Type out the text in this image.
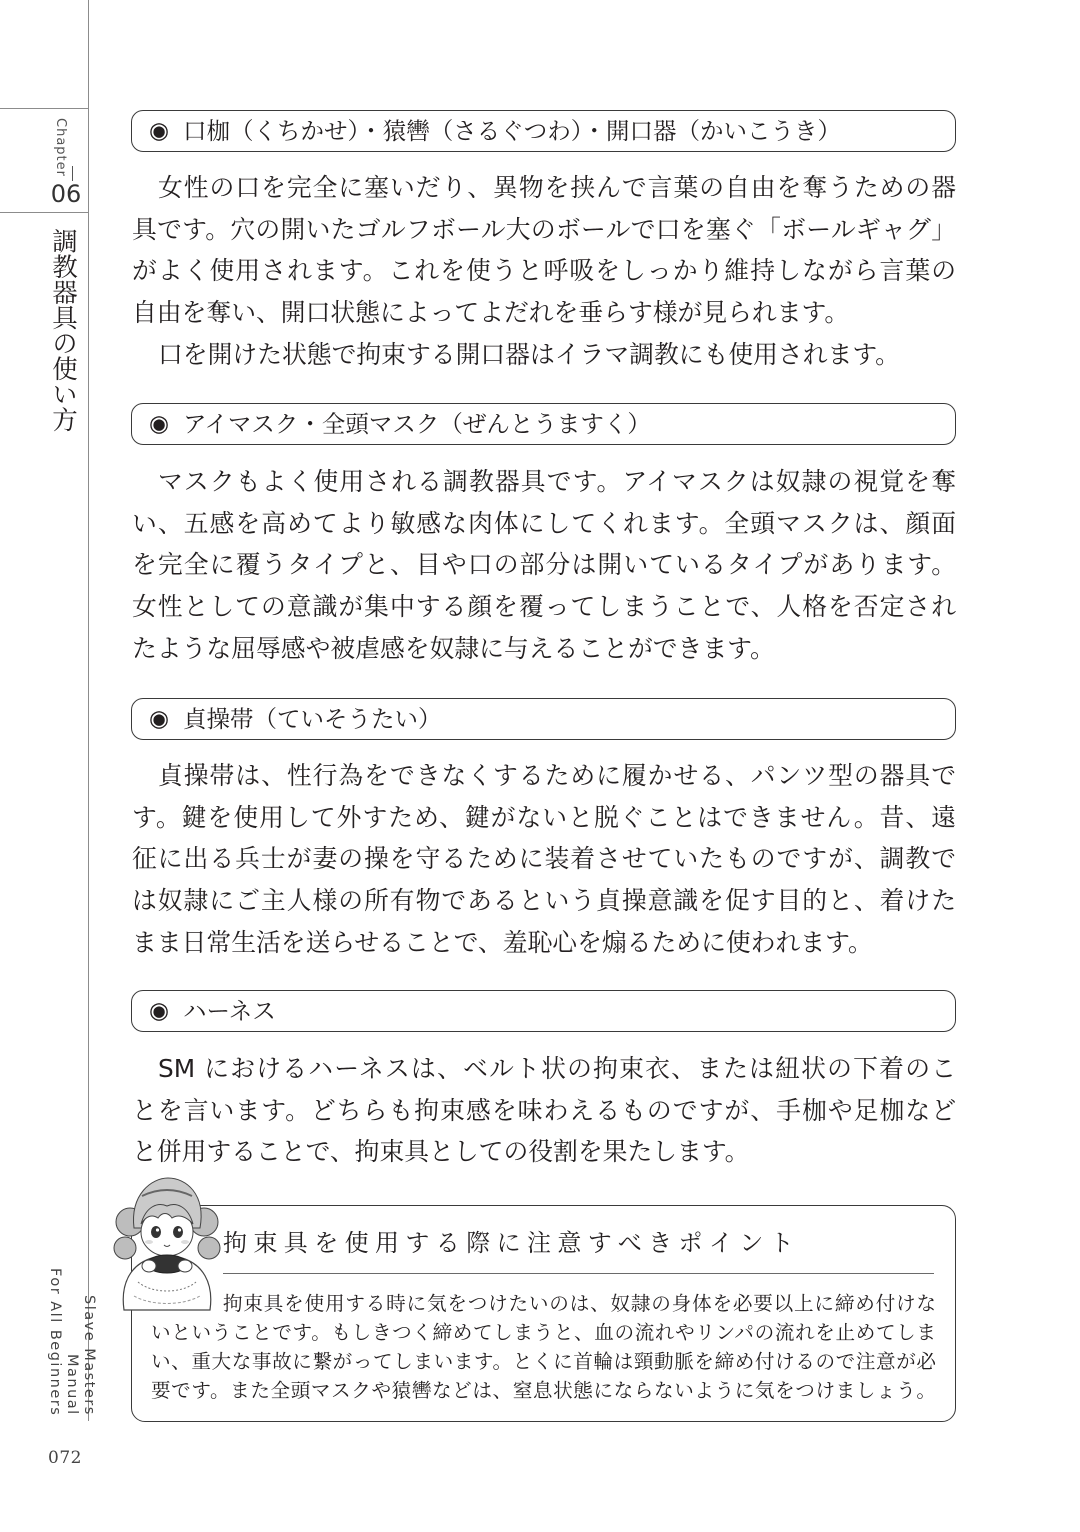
Chapter
06
調教器具の使い方
Slave Masters Manual
For All Beginners
072
◉ 口枷（くちかせ）・猿轡（さるぐつわ）・開口器（かいこうき）
女性の口を完全に塞いだり、異物を挟んで言葉の自由を奪うための器
具です。穴の開いたゴルフボール大のボールで口を塞ぐ「ボールギャグ」
がよく使用されます。これを使うと呼吸をしっかり維持しながら言葉の
自由を奪い、開口状態によってよだれを垂らす様が見られます。
口を開けた状態で拘束する開口器はイラマ調教にも使用されます。
◉ アイマスク・全頭マスク（ぜんとうますく）
マスクもよく使用される調教器具です。アイマスクは奴隷の視覚を奪
い、五感を高めてより敏感な肉体にしてくれます。全頭マスクは、顔面
を完全に覆うタイプと、目や口の部分は開いているタイプがあります。
女性としての意識が集中する顔を覆ってしまうことで、人格を否定され
たような屈辱感や被虐感を奴隷に与えることができます。
◉ 貞操帯（ていそうたい）
貞操帯は、性行為をできなくするために履かせる、パンツ型の器具で
す。鍵を使用して外すため、鍵がないと脱ぐことはできません。昔、遠
征に出る兵士が妻の操を守るために装着させていたものですが、調教で
は奴隷にご主人様の所有物であるという貞操意識を促す目的と、着けた
まま日常生活を送らせることで、羞恥心を煽るために使われます。
◉ ハーネス
SM におけるハーネスは、ベルト状の拘束衣、または紐状の下着のこ
とを言います。どちらも拘束感を味わえるものですが、手枷や足枷など
と併用することで、拘束具としての役割を果たします。
拘束具を使用する際に注意すべきポイント
拘束具を使用する時に気をつけたいのは、奴隷の身体を必要以上に締め付けな
いということです。もしきつく締めてしまうと、血の流れやリンパの流れを止めてしま
い、重大な事故に繋がってしまいます。とくに首輪は頸動脈を締め付けるので注意が必
要です。また全頭マスクや猿轡などは、窒息状態にならないように気をつけましょう。
